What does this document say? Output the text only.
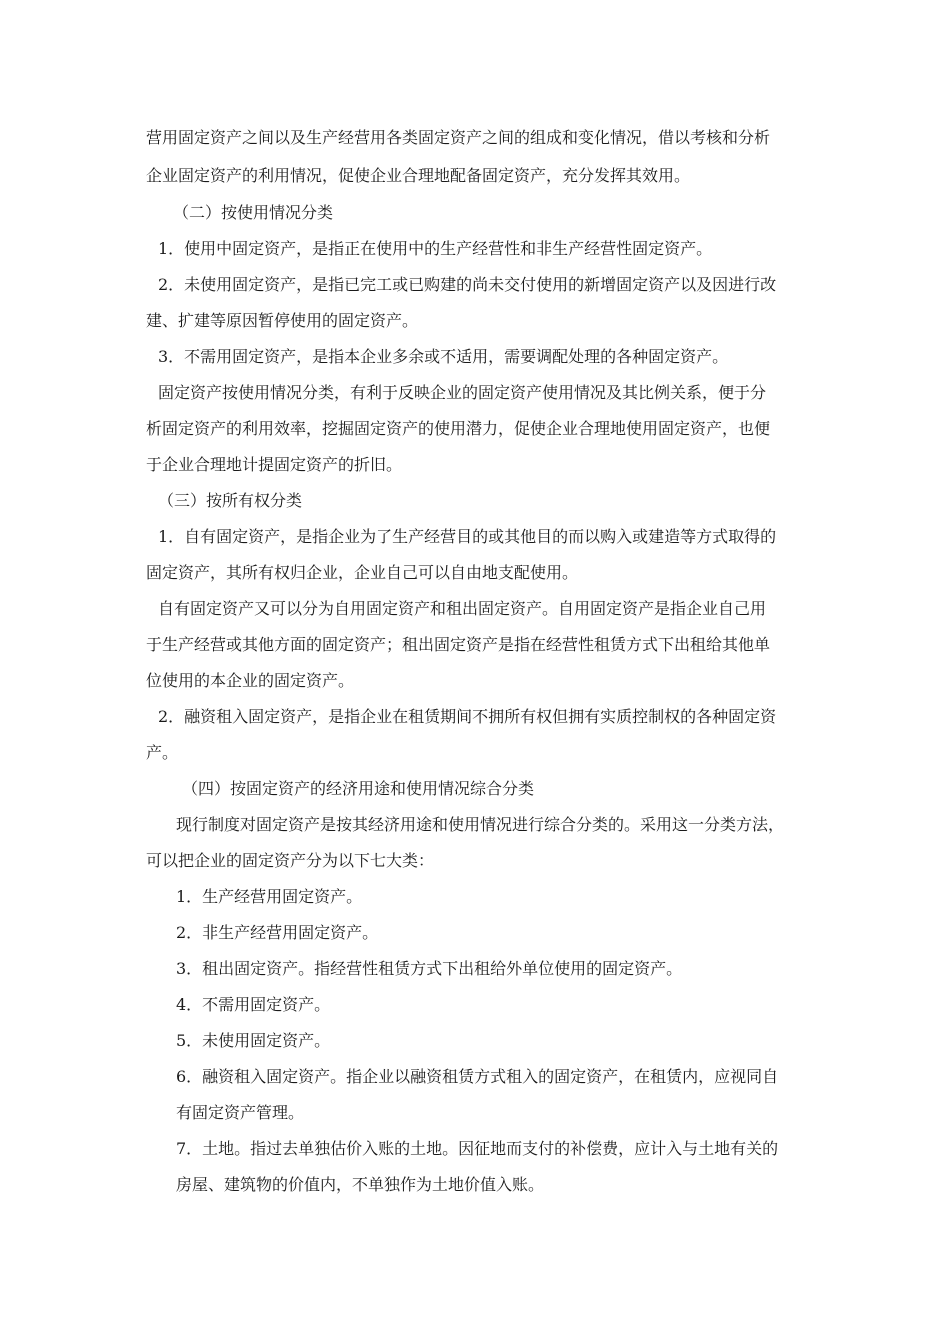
营用固定资产之间以及生产经营用各类固定资产之间的组成和变化情况，借以考核和分析
企业固定资产的利用情况，促使企业合理地配备固定资产，充分发挥其效用。
（二）按使用情况分类
1．使用中固定资产，是指正在使用中的生产经营性和非生产经营性固定资产。
2．未使用固定资产，是指已完工或已购建的尚未交付使用的新增固定资产以及因进行改
建、扩建等原因暂停使用的固定资产。
3．不需用固定资产，是指本企业多余或不适用，需要调配处理的各种固定资产。
固定资产按使用情况分类，有利于反映企业的固定资产使用情况及其比例关系，便于分
析固定资产的利用效率，挖掘固定资产的使用潜力，促使企业合理地使用固定资产，也便
于企业合理地计提固定资产的折旧。
（三）按所有权分类
1．自有固定资产，是指企业为了生产经营目的或其他目的而以购入或建造等方式取得的
固定资产，其所有权归企业，企业自己可以自由地支配使用。
自有固定资产又可以分为自用固定资产和租出固定资产。自用固定资产是指企业自己用
于生产经营或其他方面的固定资产；租出固定资产是指在经营性租赁方式下出租给其他单
位使用的本企业的固定资产。
2．融资租入固定资产，是指企业在租赁期间不拥所有权但拥有实质控制权的各种固定资
产。
（四）按固定资产的经济用途和使用情况综合分类
现行制度对固定资产是按其经济用途和使用情况进行综合分类的。采用这一分类方法，
可以把企业的固定资产分为以下七大类：
1．生产经营用固定资产。
2．非生产经营用固定资产。
3．租出固定资产。指经营性租赁方式下出租给外单位使用的固定资产。
4．不需用固定资产。
5．未使用固定资产。
6．融资租入固定资产。指企业以融资租赁方式租入的固定资产，在租赁内，应视同自
有固定资产管理。
7．土地。指过去单独估价入账的土地。因征地而支付的补偿费，应计入与土地有关的
房屋、建筑物的价值内，不单独作为土地价值入账。
